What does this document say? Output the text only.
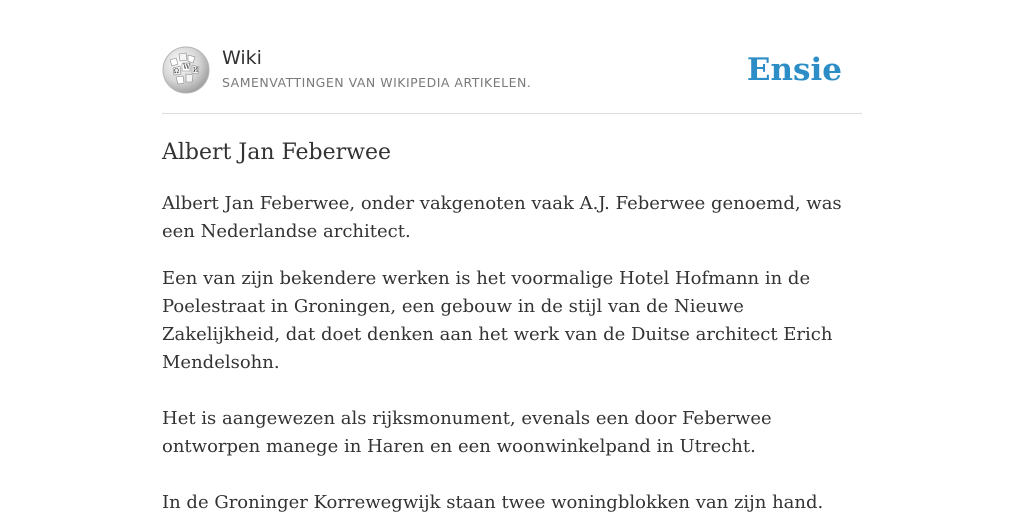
W
Ω И
Wiki
SAMENVATTINGEN VAN WIKIPEDIA ARTIKELEN.	Ensie
Albert Jan Feberwee

Albert Jan Feberwee, onder vakgenoten vaak A.J. Feberwee genoemd, was een Nederlandse architect.

Een van zijn bekendere werken is het voormalige Hotel Hofmann in de Poelestraat in Groningen, een gebouw in de stijl van de Nieuwe Zakelijkheid, dat doet denken aan het werk van de Duitse architect Erich Mendelsohn.

Het is aangewezen als rijksmonument, evenals een door Feberwee ontworpen manege in Haren en een woonwinkelpand in Utrecht.

In de Groninger Korrewegwijk staan twee woningblokken van zijn hand.
